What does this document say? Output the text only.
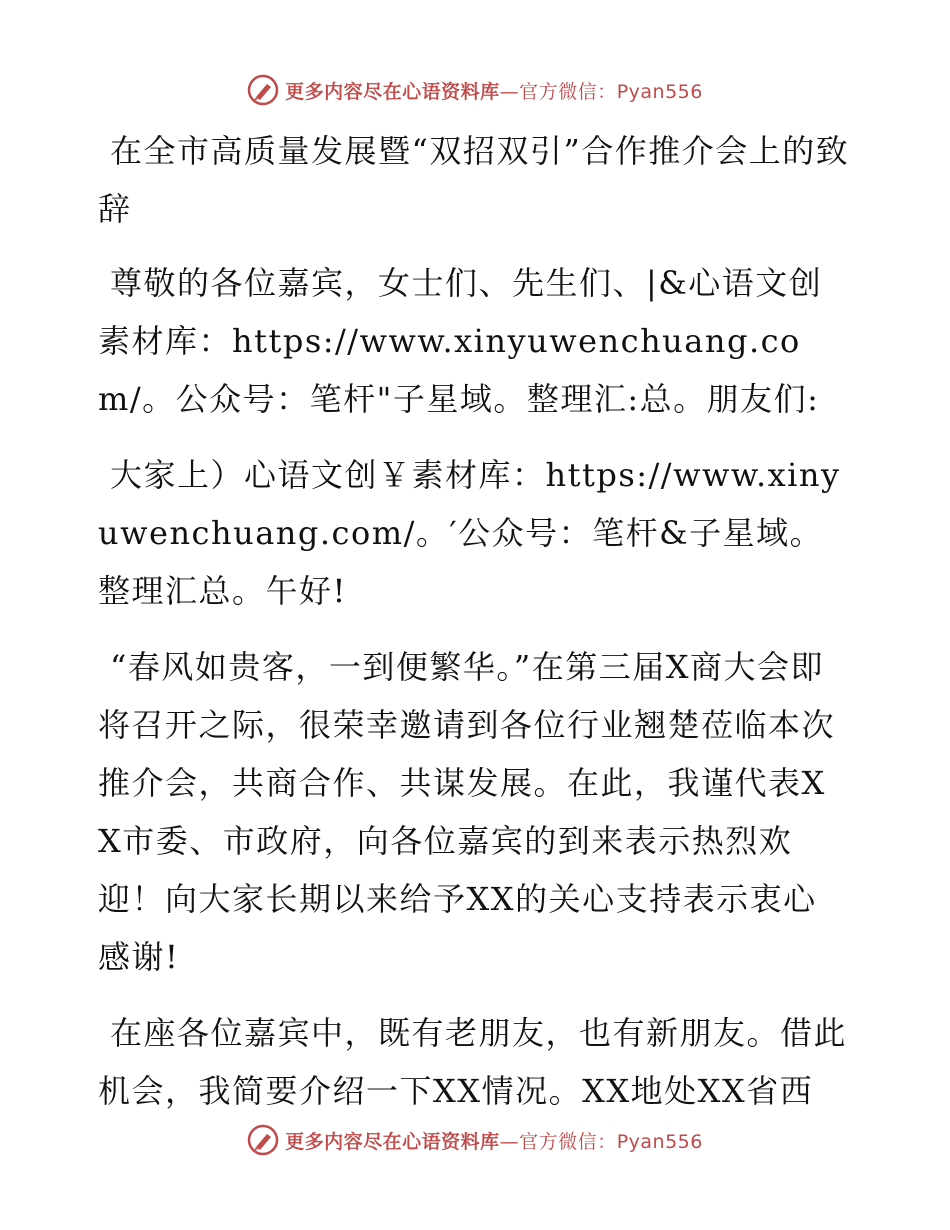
更多内容尽在心语资料库—官方微信：Pyan556

在全市高质量发展暨“双招双引”合作推介会上的致辞

尊敬的各位嘉宾，女士们、先生们、|&心语文创素材库：https://www.xinyuwenchuang.com/。公众号：笔杆"子星域。整理汇:总。朋友们:

大家上）心语文创￥素材库：https://www.xinyuwenchuang.com/。′公众号：笔杆&子星域。整理汇总。午好!

“春风如贵客，一到便繁华。”在第三届X商大会即将召开之际，很荣幸邀请到各位行业翘楚莅临本次推介会，共商合作、共谋发展。在此，我谨代表XX市委、市政府，向各位嘉宾的到来表示热烈欢迎！向大家长期以来给予XX的关心支持表示衷心感谢!

在座各位嘉宾中，既有老朋友，也有新朋友。借此机会，我简要介绍一下XX情况。XX地处XX省西

更多内容尽在心语资料库—官方微信：Pyan556
